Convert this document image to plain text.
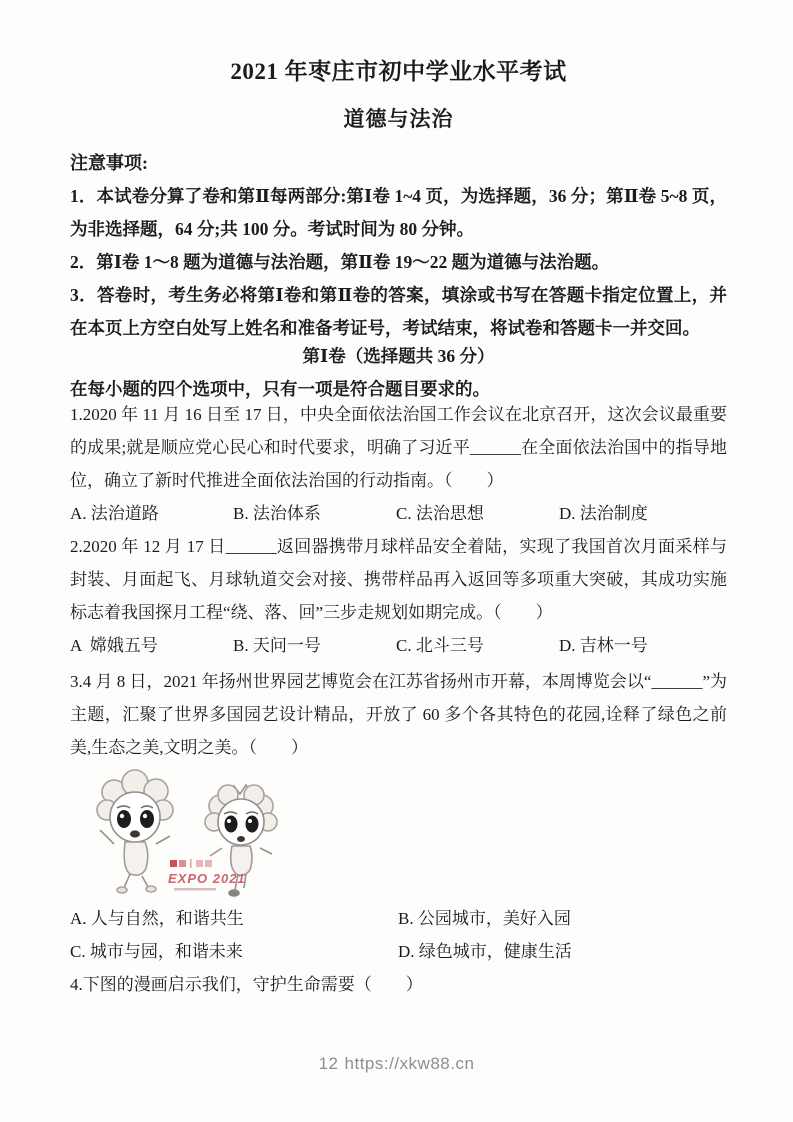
2021 年枣庄市初中学业水平考试
道德与法治

注意事项:

1．本试卷分算了卷和第Ⅱ每两部分:第Ⅰ卷 1~4 页，为选择题，36 分；第Ⅱ卷 5~8 页，为非选择题，64 分;共 100 分。考试时间为 80 分钟。

2．第Ⅰ卷 1～8 题为道德与法治题，第Ⅱ卷 19～22 题为道德与法治题。

3．答卷时，考生务必将第Ⅰ卷和第Ⅱ卷的答案，填涂或书写在答题卡指定位置上，并在本页上方空白处写上姓名和准备考证号，考试结束，将试卷和答题卡一并交回。

第Ⅰ卷（选择题共 36 分）

在每小题的四个选项中，只有一项是符合题目要求的。

1.2020 年 11 月 16 日至 17 日，中央全面依法治国工作会议在北京召开，这次会议最重要的成果;就是顺应党心民心和时代要求，明确了习近平______在全面依法治国中的指导地位，确立了新时代推进全面依法治国的行动指南。（　　）

A. 法治道路	B. 法治体系	C. 法治思想	D. 法治制度

2.2020 年 12 月 17 日______返回器携带月球样品安全着陆，实现了我国首次月面采样与封装、月面起飞、月球轨道交会对接、携带样品再入返回等多项重大突破，其成功实施标志着我国探月工程“绕、落、回”三步走规划如期完成。（　　）

A  嫦娥五号	B. 天问一号	C. 北斗三号	D. 吉林一号

3.4 月 8 日，2021 年扬州世界园艺博览会在江苏省扬州市开幕，本周博览会以“______”为主题，汇聚了世界多国园艺设计精品，开放了 60 多个各其特色的花园,诠释了绿色之前美,生态之美,文明之美。（　　）

EXPO 2021
A. 人与自然，和谐共生	B. 公园城市，美好入园
C. 城市与园，和谐未来	D. 绿色城市，健康生活

4.下图的漫画启示我们，守护生命需要（　　）

12 https://xkw88.cn
